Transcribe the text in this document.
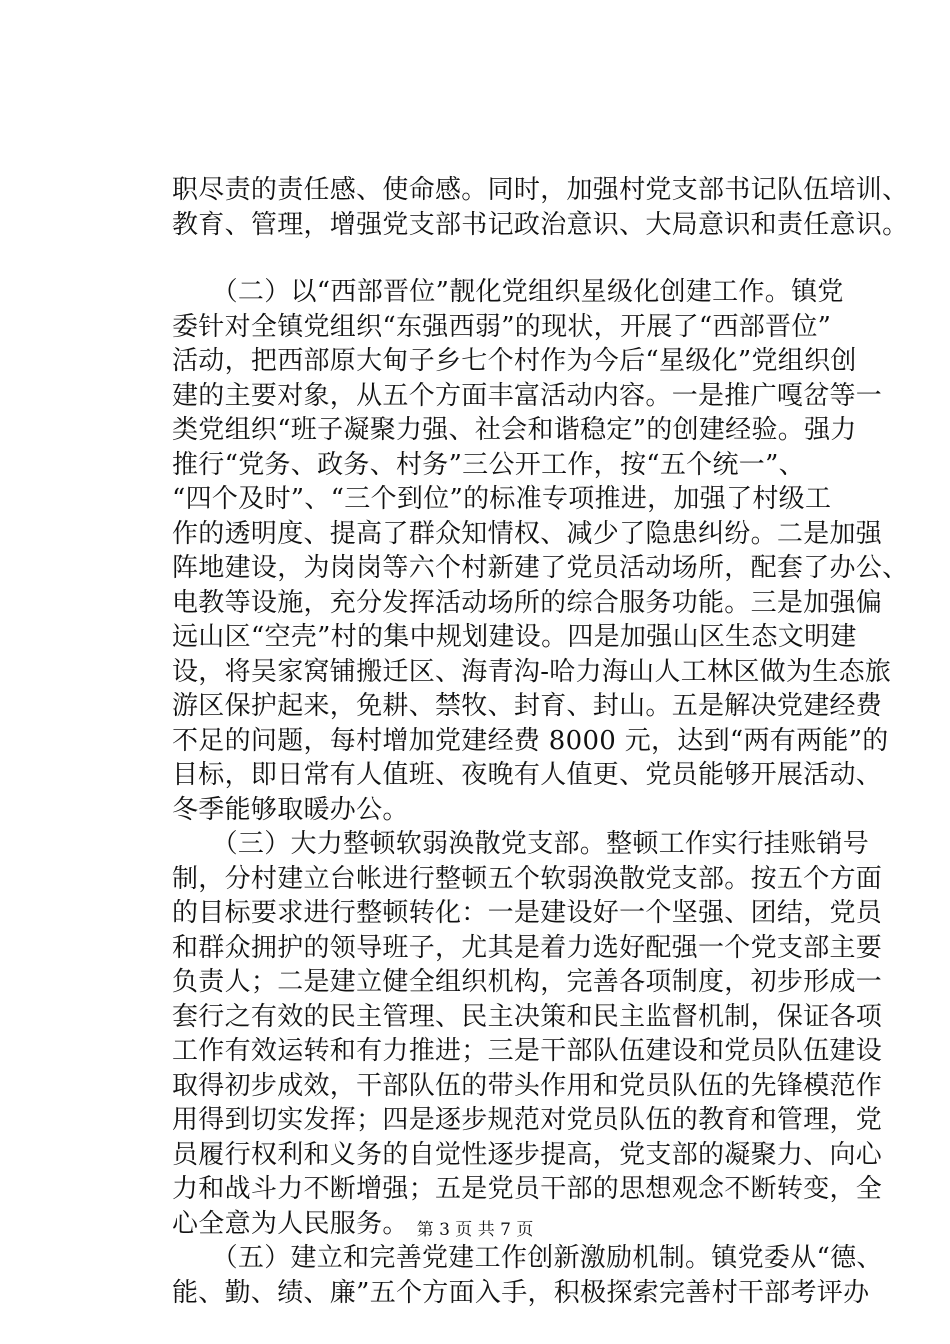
职尽责的责任感、使命感。同时，加强村党支部书记队伍培训、
教育、管理，增强党支部书记政治意识、大局意识和责任意识。
　　（二）以“西部晋位”靓化党组织星级化创建工作。镇党
委针对全镇党组织“东强西弱”的现状，开展了“西部晋位”
活动，把西部原大甸子乡七个村作为今后“星级化”党组织创
建的主要对象，从五个方面丰富活动内容。一是推广嘎岔等一
类党组织“班子凝聚力强、社会和谐稳定”的创建经验。强力
推行“党务、政务、村务”三公开工作，按“五个统一”、
“四个及时”、“三个到位”的标准专项推进，加强了村级工
作的透明度、提高了群众知情权、减少了隐患纠纷。二是加强
阵地建设，为岗岗等六个村新建了党员活动场所，配套了办公、
电教等设施，充分发挥活动场所的综合服务功能。三是加强偏
远山区“空壳”村的集中规划建设。四是加强山区生态文明建
设，将吴家窝铺搬迁区、海青沟-哈力海山人工林区做为生态旅
游区保护起来，免耕、禁牧、封育、封山。五是解决党建经费
不足的问题，每村增加党建经费 8000 元，达到“两有两能”的
目标，即日常有人值班、夜晚有人值更、党员能够开展活动、
冬季能够取暖办公。
　　（三）大力整顿软弱涣散党支部。整顿工作实行挂账销号
制，分村建立台帐进行整顿五个软弱涣散党支部。按五个方面
的目标要求进行整顿转化：一是建设好一个坚强、团结，党员
和群众拥护的领导班子，尤其是着力选好配强一个党支部主要
负责人；二是建立健全组织机构，完善各项制度，初步形成一
套行之有效的民主管理、民主决策和民主监督机制，保证各项
工作有效运转和有力推进；三是干部队伍建设和党员队伍建设
取得初步成效，干部队伍的带头作用和党员队伍的先锋模范作
用得到切实发挥；四是逐步规范对党员队伍的教育和管理，党
员履行权利和义务的自觉性逐步提高，党支部的凝聚力、向心
力和战斗力不断增强；五是党员干部的思想观念不断转变，全
心全意为人民服务。
　　（五）建立和完善党建工作创新激励机制。镇党委从“德、
能、勤、绩、廉”五个方面入手，积极探索完善村干部考评办
第 3 页 共 7 页
